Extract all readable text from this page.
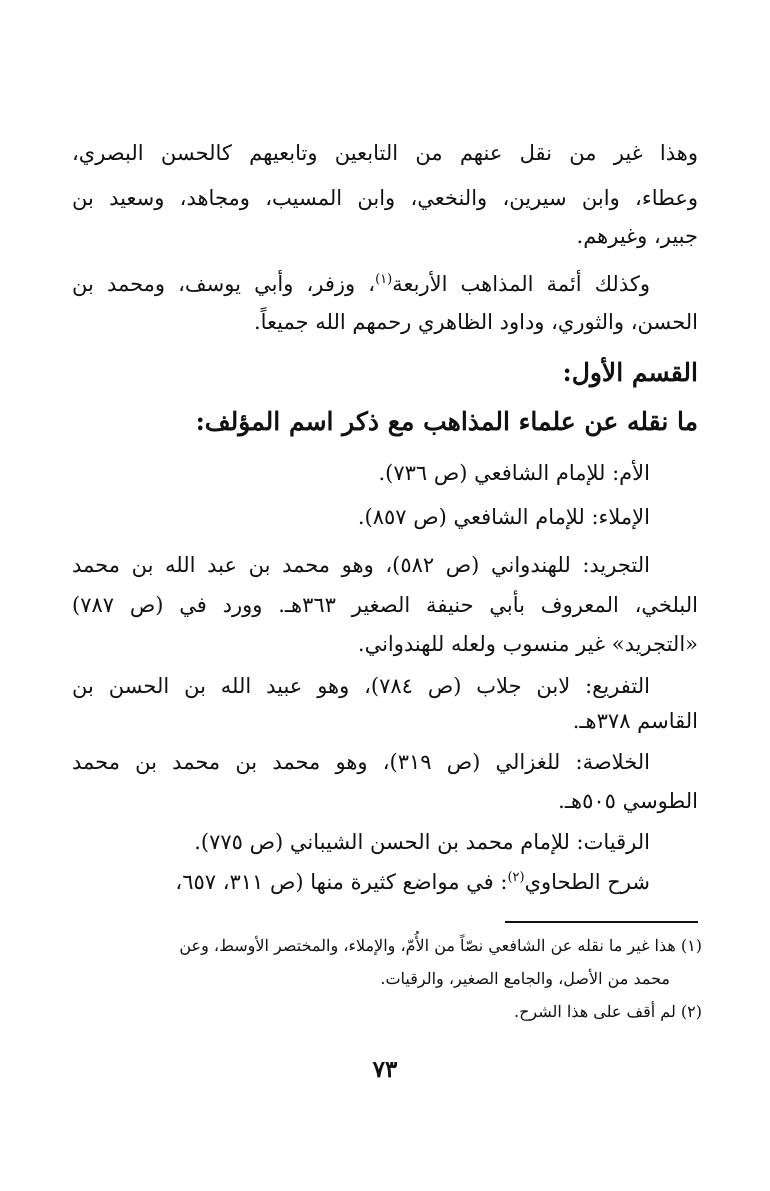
وهذا غير من نقل عنهم من التابعين وتابعيهم كالحسن البصري،
وعطاء، وابن سيرين، والنخعي، وابن المسيب، ومجاهد، وسعيد بن
جبير، وغيرهم.
وكذلك أئمة المذاهب الأربعة$^{(١)}$، وزفر، وأبي يوسف، ومحمد بن
الحسن، والثوري، وداود الظاهري رحمهم الله جميعاً.
القسم الأول:
ما نقله عن علماء المذاهب مع ذكر اسم المؤلف:
الأم: للإمام الشافعي (ص ٧٣٦).
الإملاء: للإمام الشافعي (ص ٨٥٧).
التجريد: للهندواني (ص ٥٨٢)، وهو محمد بن عبد الله بن محمد
البلخي، المعروف بأبي حنيفة الصغير ٣٦٣هـ. وورد في (ص ٧٨٧)
«التجريد» غير منسوب ولعله للهندواني.
التفريع: لابن جلاب (ص ٧٨٤)، وهو عبيد الله بن الحسن بن
القاسم ٣٧٨هـ.
الخلاصة: للغزالي (ص ٣١٩)، وهو محمد بن محمد بن محمد
الطوسي ٥٠٥هـ.
الرقيات: للإمام محمد بن الحسن الشيباني (ص ٧٧٥).
شرح الطحاوي$^{(٢)}$: في مواضع كثيرة منها (ص ٣١١، ٦٥٧،
(١) هذا غير ما نقله عن الشافعي نصّاً من الأُمّ، والإملاء، والمختصر الأوسط، وعن
محمد من الأصل، والجامع الصغير، والرقيات.
(٢) لم أقف على هذا الشرح.
٧٣
